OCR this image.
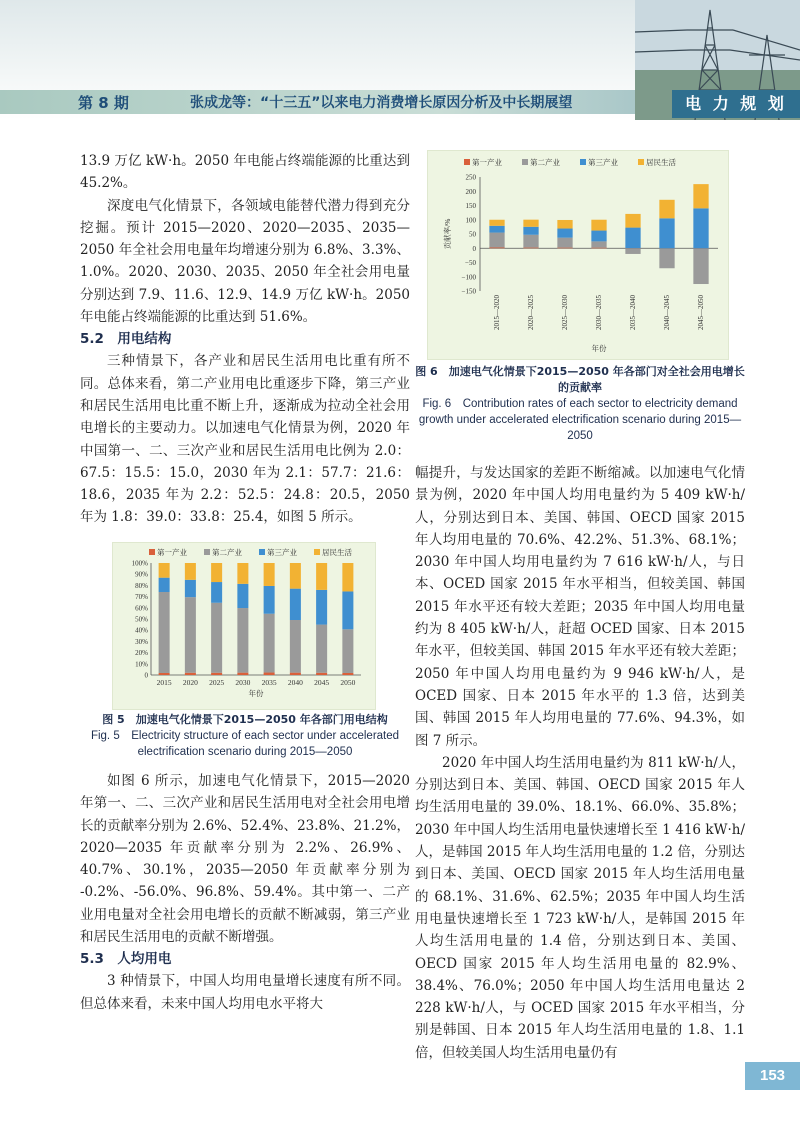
第 8 期	张成龙等：“十三五”以来电力消费增长原因分析及中长期展望	电 力 规 划

13.9 万亿 kW·h。2050 年电能占终端能源的比重达到 45.2%。

深度电气化情景下，各领域电能替代潜力得到充分挖掘。预计 2015—2020、2020—2035、2035—2050 年全社会用电量年均增速分别为 6.8%、3.3%、1.0%。2020、2030、2035、2050 年全社会用电量分别达到 7.9、11.6、12.9、14.9 万亿 kW·h。2050 年电能占终端能源的比重达到 51.6%。

5.2　用电结构

三种情景下，各产业和居民生活用电比重有所不同。总体来看，第二产业用电比重逐步下降，第三产业和居民生活用电比重不断上升，逐渐成为拉动全社会用电增长的主要动力。以加速电气化情景为例，2020 年中国第一、二、三次产业和居民生活用电比例为 2.0：67.5：15.5：15.0，2030 年为 2.1：57.7：21.6：18.6，2035 年为 2.2：52.5：24.8：20.5，2050 年为 1.8：39.0：33.8：25.4，如图 5 所示。

如图 6 所示，加速电气化情景下，2015—2020 年第一、二、三次产业和居民生活用电对全社会用电增长的贡献率分别为 2.6%、52.4%、23.8%、21.2%，2020—2035 年贡献率分别为 2.2%、26.9%、40.7%、30.1%，2035—2050 年贡献率分别为 -0.2%、-56.0%、96.8%、59.4%。其中第一、二产业用电量对全社会用电增长的贡献不断减弱，第三产业和居民生活用电的贡献不断增强。

5.3　人均用电

3 种情景下，中国人均用电量增长速度有所不同。但总体来看，未来中国人均用电水平将大

第一产业	第二产业	第三产业	居民生活
0
10%
20%
30%
40%
50%
60%
70%
80%
90%
100%
2015 2020 2025 2030 2035 2040 2045 2050
年份
图 5　加速电气化情景下2015—2050 年各部门用电结构
Fig. 5　Electricity structure of each sector under accelerated electrification scenario during 2015—2050
第一产业	第二产业	第三产业	居民生活
−150
−100
−50
0
50
100
150
200
250
贡献率/%
2015—2020	2020—2025	2025—2030	2030—2035	2035—2040	2040—2045	2045—2050
年份
图 6　加速电气化情景下2015—2050 年各部门对全社会用电增长的贡献率
Fig. 6　Contribution rates of each sector to electricity demand growth under accelerated electrification scenario during 2015—2050

幅提升，与发达国家的差距不断缩减。以加速电气化情景为例，2020 年中国人均用电量约为 5 409 kW·h/人，分别达到日本、美国、韩国、OECD 国家 2015 年人均用电量的 70.6%、42.2%、51.3%、68.1%；2030 年中国人均用电量约为 7 616 kW·h/人，与日本、OCED 国家 2015 年水平相当，但较美国、韩国 2015 年水平还有较大差距；2035 年中国人均用电量约为 8 405 kW·h/人，赶超 OCED 国家、日本 2015 年水平，但较美国、韩国 2015 年水平还有较大差距；2050 年中国人均用电量约为 9 946 kW·h/人，是 OCED 国家、日本 2015 年水平的 1.3 倍，达到美国、韩国 2015 年人均用电量的 77.6%、94.3%，如图 7 所示。

2020 年中国人均生活用电量约为 811 kW·h/人，分别达到日本、美国、韩国、OECD 国家 2015 年人均生活用电量的 39.0%、18.1%、66.0%、35.8%；2030 年中国人均生活用电量快速增长至 1 416 kW·h/人，是韩国 2015 年人均生活用电量的 1.2 倍，分别达到日本、美国、OECD 国家 2015 年人均生活用电量的 68.1%、31.6%、62.5%；2035 年中国人均生活用电量快速增长至 1 723 kW·h/人，是韩国 2015 年人均生活用电量的 1.4 倍，分别达到日本、美国、OECD 国家 2015 年人均生活用电量的 82.9%、38.4%、76.0%；2050 年中国人均生活用电量达 2 228 kW·h/人，与 OCED 国家 2015 年水平相当，分别是韩国、日本 2015 年人均生活用电量的 1.8、1.1 倍，但较美国人均生活用电量仍有

153
